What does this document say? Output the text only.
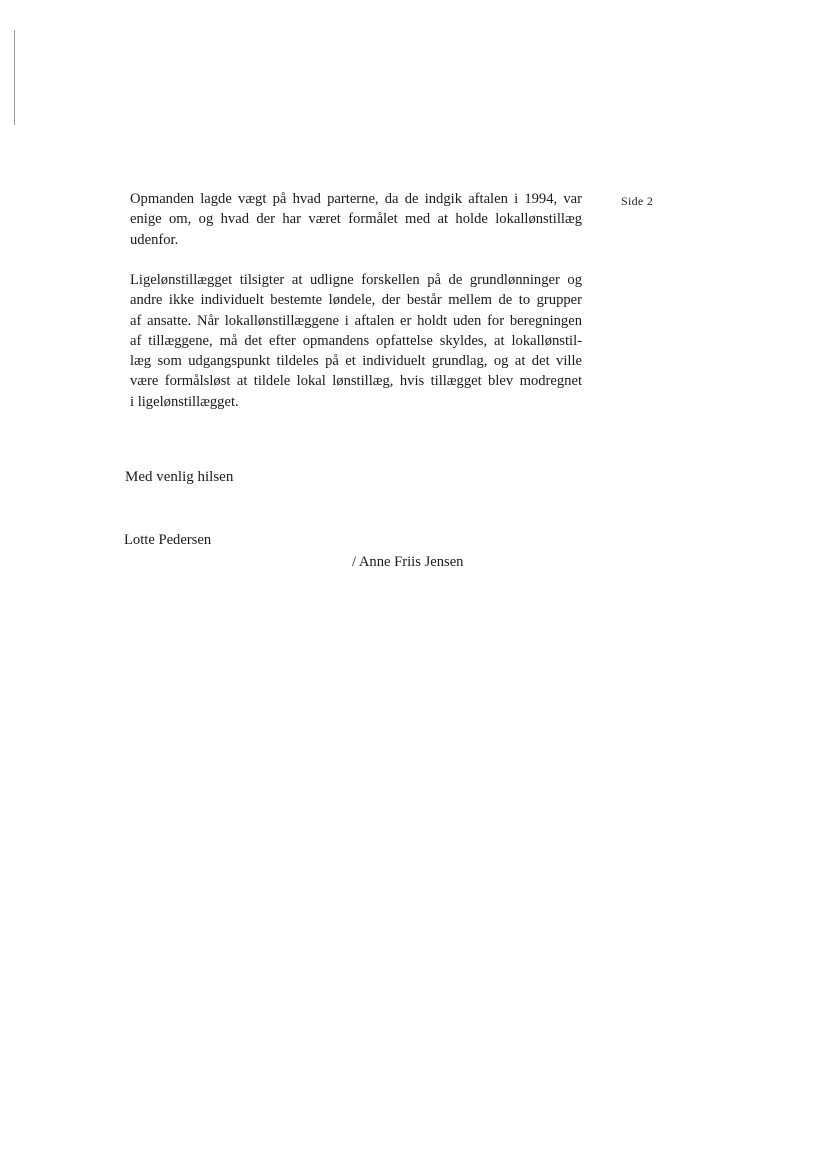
Side 2

Opmanden lagde vægt på hvad parterne, da de indgik aftalen i 1994, var
enige om, og hvad der har været formålet med at holde lokallønstillæg
udenfor.

Ligelønstillægget tilsigter at udligne forskellen på de grundlønninger og
andre ikke individuelt bestemte løndele, der består mellem de to grupper
af ansatte. Når lokallønstillæggene i aftalen er holdt uden for beregningen
af tillæggene, må det efter opmandens opfattelse skyldes, at lokallønstil-
læg som udgangspunkt tildeles på et individuelt grundlag, og at det ville
være formålsløst at tildele lokal lønstillæg, hvis tillægget blev modregnet
i ligelønstillægget.

Med venlig hilsen
Lotte Pedersen
/ Anne Friis Jensen
